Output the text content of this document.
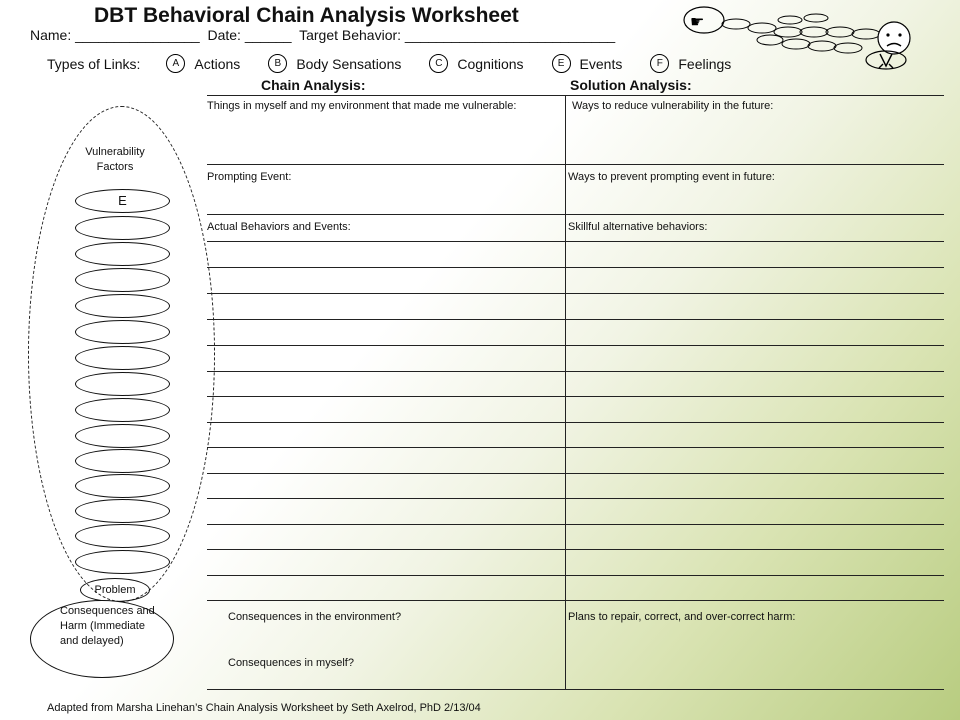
DBT Behavioral Chain Analysis Worksheet
Name: ________________ Date: ______ Target Behavior: ___________________________
☛
Types of Links:	A	Actions	B	Body Sensations	C	Cognitions	E	Events	F	Feelings
Chain Analysis:	Solution Analysis:
Things in myself and my environment that made me vulnerable:	Ways to reduce vulnerability in the future:
Prompting Event:	Ways to prevent prompting event in future:
Actual Behaviors and Events:	Skillful alternative behaviors:
Consequences in the environment?	Plans to repair, correct, and over-correct harm:
Consequences in myself?
Vulnerability Factors
E
Problem
Consequences and Harm (Immediate and delayed)
Adapted from Marsha Linehan’s Chain Analysis Worksheet by Seth Axelrod, PhD 2/13/04
